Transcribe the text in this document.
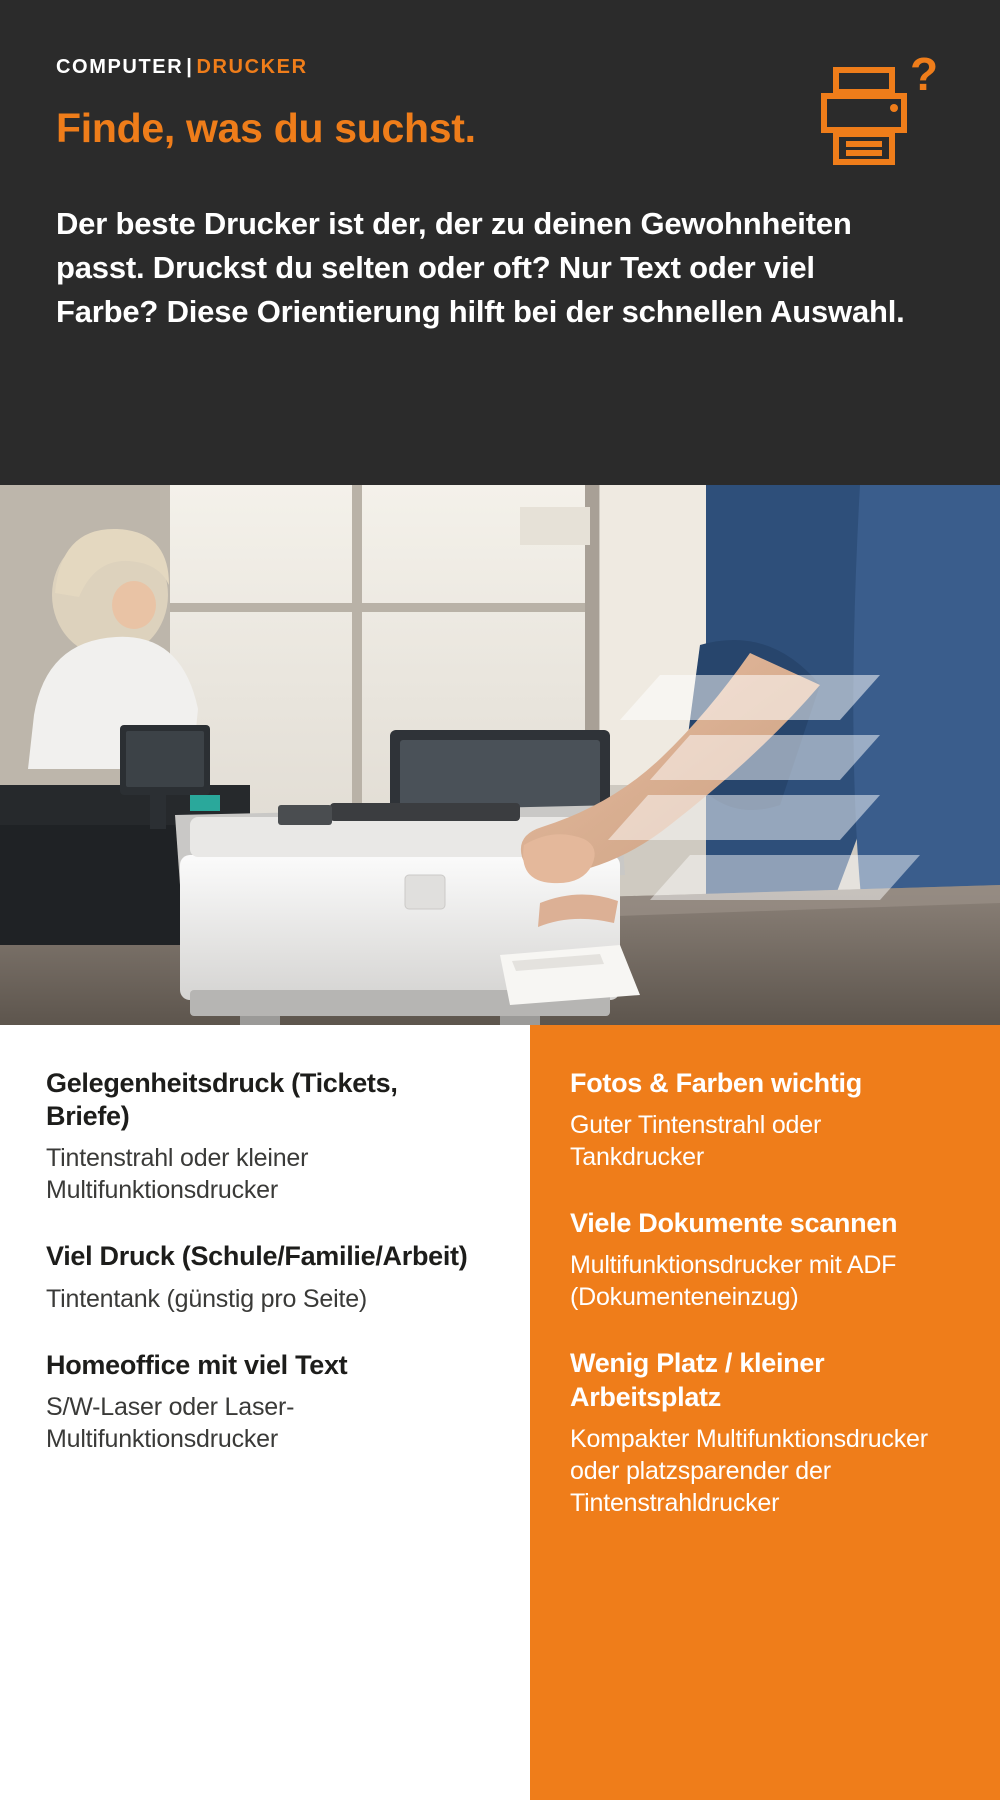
COMPUTER | DRUCKER
Finde, was du suchst.
Der beste Drucker ist der, der zu deinen Gewohnheiten passt. Druckst du selten oder oft? Nur Text oder viel Farbe? Diese Orientierung hilft bei der schnellen Auswahl.
?
Gelegenheitsdruck (Tickets, Briefe)
Tintenstrahl oder kleiner Multifunktionsdrucker
Viel Druck (Schule/Familie/Arbeit)
Tintentank (günstig pro Seite)
Homeoffice mit viel Text
S/W-Laser oder Laser-Multifunktionsdrucker
Fotos & Farben wichtig
Guter Tintenstrahl oder Tankdrucker
Viele Dokumente scannen
Multifunktionsdrucker mit ADF (Dokumenteneinzug)
Wenig Platz / kleiner Arbeitsplatz
Kompakter Multifunktionsdrucker oder platzsparender der Tintenstrahldrucker
